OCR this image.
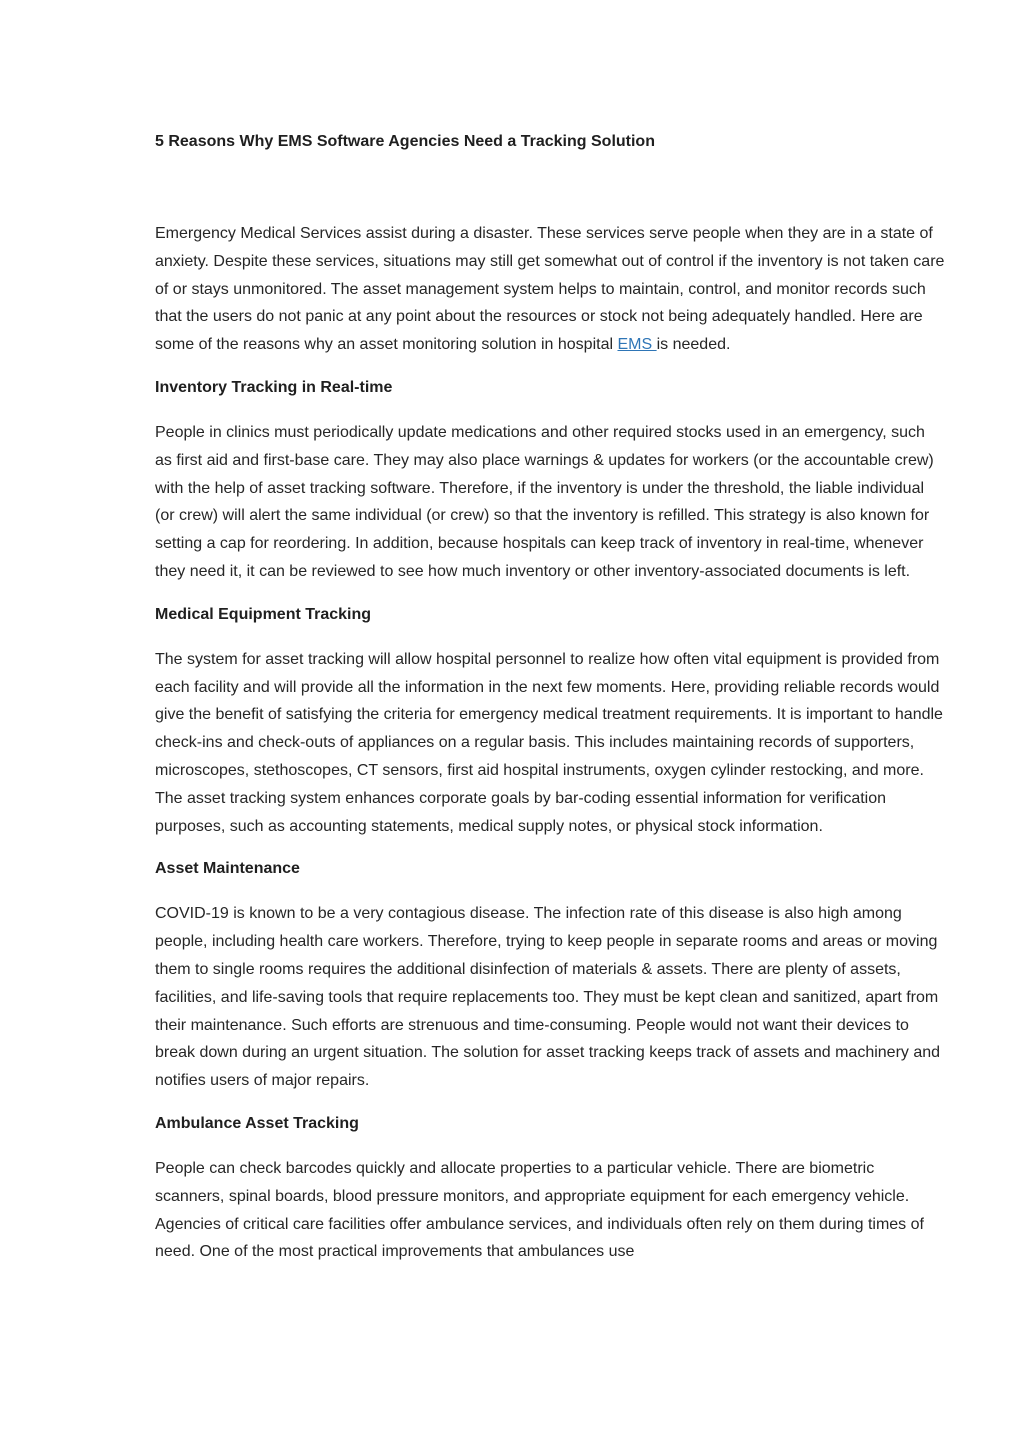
5 Reasons Why EMS Software Agencies Need a Tracking Solution

Emergency Medical Services assist during a disaster. These services serve people when they are in a state of anxiety. Despite these services, situations may still get somewhat out of control if the inventory is not taken care of or stays unmonitored. The asset management system helps to maintain, control, and monitor records such that the users do not panic at any point about the resources or stock not being adequately handled. Here are some of the reasons why an asset monitoring solution in hospital EMS is needed.

Inventory Tracking in Real-time

People in clinics must periodically update medications and other required stocks used in an emergency, such as first aid and first-base care. They may also place warnings & updates for workers (or the accountable crew) with the help of asset tracking software. Therefore, if the inventory is under the threshold, the liable individual (or crew) will alert the same individual (or crew) so that the inventory is refilled. This strategy is also known for setting a cap for reordering. In addition, because hospitals can keep track of inventory in real-time, whenever they need it, it can be reviewed to see how much inventory or other inventory-associated documents is left.

Medical Equipment Tracking

The system for asset tracking will allow hospital personnel to realize how often vital equipment is provided from each facility and will provide all the information in the next few moments. Here, providing reliable records would give the benefit of satisfying the criteria for emergency medical treatment requirements. It is important to handle check-ins and check-outs of appliances on a regular basis. This includes maintaining records of supporters, microscopes, stethoscopes, CT sensors, first aid hospital instruments, oxygen cylinder restocking, and more. The asset tracking system enhances corporate goals by bar-coding essential information for verification purposes, such as accounting statements, medical supply notes, or physical stock information.

Asset Maintenance

COVID-19 is known to be a very contagious disease. The infection rate of this disease is also high among people, including health care workers. Therefore, trying to keep people in separate rooms and areas or moving them to single rooms requires the additional disinfection of materials & assets. There are plenty of assets, facilities, and life-saving tools that require replacements too. They must be kept clean and sanitized, apart from their maintenance. Such efforts are strenuous and time-consuming. People would not want their devices to break down during an urgent situation. The solution for asset tracking keeps track of assets and machinery and notifies users of major repairs.

Ambulance Asset Tracking

People can check barcodes quickly and allocate properties to a particular vehicle. There are biometric scanners, spinal boards, blood pressure monitors, and appropriate equipment for each emergency vehicle. Agencies of critical care facilities offer ambulance services, and individuals often rely on them during times of need. One of the most practical improvements that ambulances use
